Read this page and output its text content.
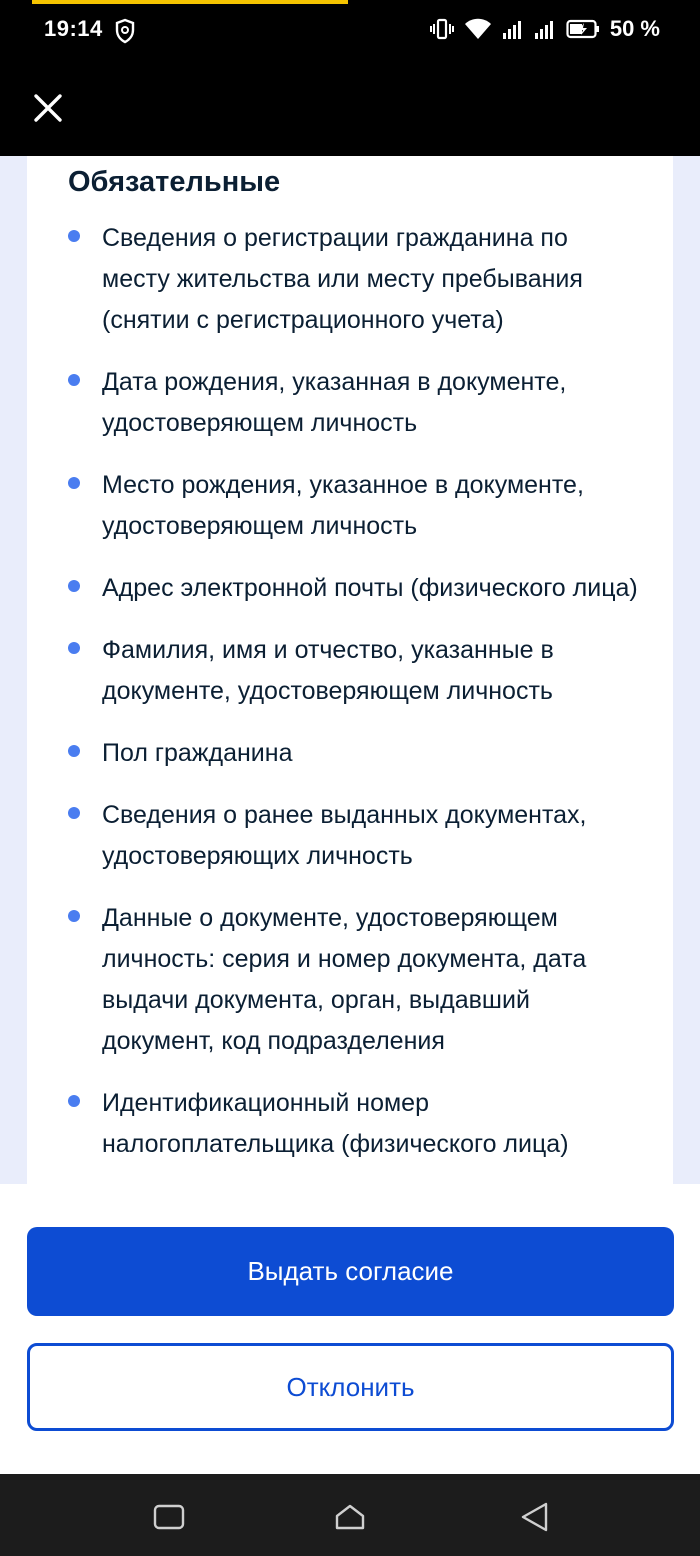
19:14	50 %
Обязательные
Сведения о регистрации гражданина по месту жительства или месту пребывания (снятии с регистрационного учета)
Дата рождения, указанная в документе, удостоверяющем личность
Место рождения, указанное в документе, удостоверяющем личность
Адрес электронной почты (физического лица)
Фамилия, имя и отчество, указанные в документе, удостоверяющем личность
Пол гражданина
Сведения о ранее выданных документах, удостоверяющих личность
Данные о документе, удостоверяющем личность: серия и номер документа, дата выдачи документа, орган, выдавший документ, код подразделения
Идентификационный номер налогоплательщика (физического лица)
Выдать согласие
Отклонить
